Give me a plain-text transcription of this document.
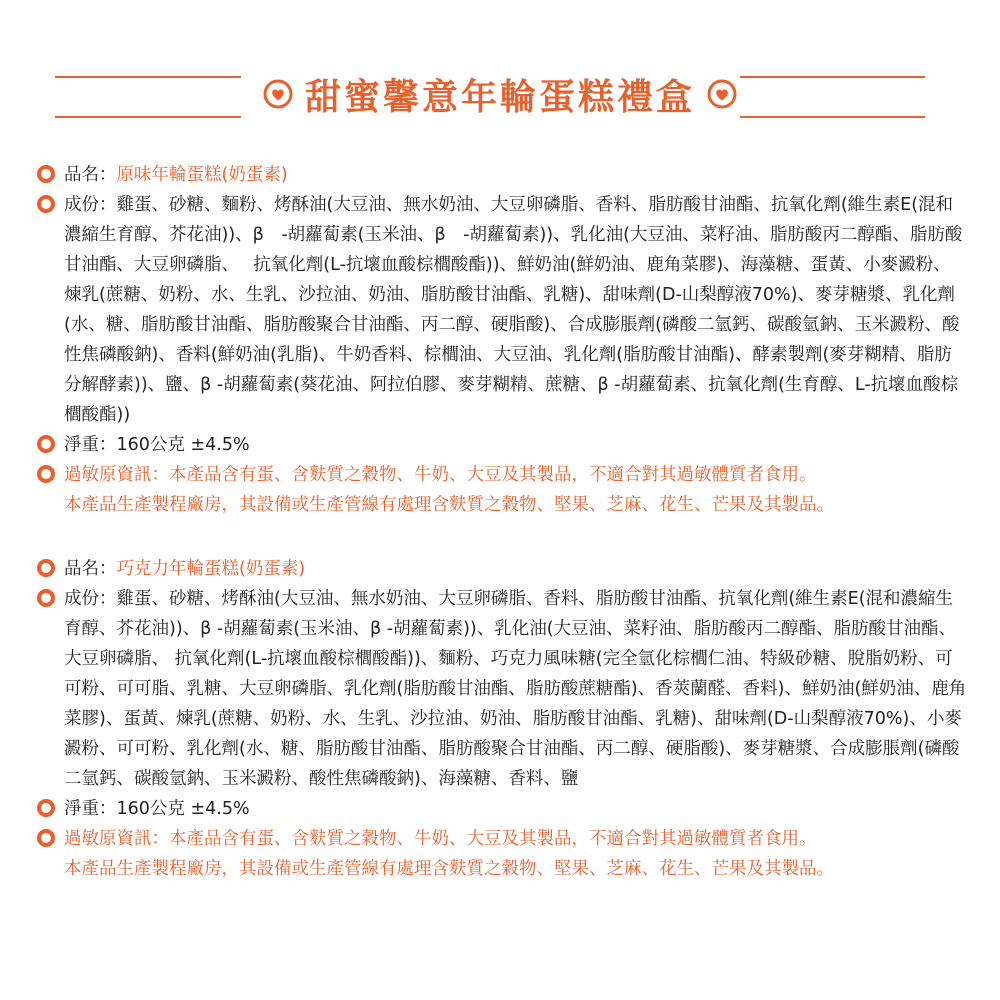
甜蜜馨意年輪蛋糕禮盒
品名：原味年輪蛋糕(奶蛋素)
成份：雞蛋、砂糖、麵粉、烤酥油(大豆油、無水奶油、大豆卵磷脂、香料、脂肪酸甘油酯、抗氧化劑(維生素E(混和濃縮生育醇、芥花油))、β　-胡蘿蔔素(玉米油、β　-胡蘿蔔素))、乳化油(大豆油、菜籽油、脂肪酸丙二醇酯、脂肪酸甘油酯、大豆卵磷脂、　 抗氧化劑(L-抗壞血酸棕櫚酸酯))、鮮奶油(鮮奶油、鹿角菜膠)、海藻糖、蛋黃、小麥澱粉、煉乳(蔗糖、奶粉、水、生乳、沙拉油、奶油、脂肪酸甘油酯、乳糖)、甜味劑(D-山梨醇液70%)、麥芽糖漿、乳化劑(水、糖、脂肪酸甘油酯、脂肪酸聚合甘油酯、丙二醇、硬脂酸)、合成膨脹劑(磷酸二氫鈣、碳酸氫鈉、玉米澱粉、酸性焦磷酸鈉)、香料(鮮奶油(乳脂)、牛奶香料、棕櫚油、大豆油、乳化劑(脂肪酸甘油酯)、酵素製劑(麥芽糊精、脂肪分解酵素))、鹽、β -胡蘿蔔素(葵花油、阿拉伯膠、麥芽糊精、蔗糖、β -胡蘿蔔素、抗氧化劑(生育醇、L-抗壞血酸棕櫚酸酯))
淨重：160公克 ±4.5%
過敏原資訊：本產品含有蛋、含麩質之穀物、牛奶、大豆及其製品，不適合對其過敏體質者食用。
本產品生產製程廠房，其設備或生產管線有處理含麩質之穀物、堅果、芝麻、花生、芒果及其製品。
品名：巧克力年輪蛋糕(奶蛋素)
成份：雞蛋、砂糖、烤酥油(大豆油、無水奶油、大豆卵磷脂、香料、脂肪酸甘油酯、抗氧化劑(維生素E(混和濃縮生育醇、芥花油))、β -胡蘿蔔素(玉米油、β -胡蘿蔔素))、乳化油(大豆油、菜籽油、脂肪酸丙二醇酯、脂肪酸甘油酯、大豆卵磷脂、 抗氧化劑(L-抗壞血酸棕櫚酸酯))、麵粉、巧克力風味糖(完全氫化棕櫚仁油、特級砂糖、脫脂奶粉、可可粉、可可脂、乳糖、大豆卵磷脂、乳化劑(脂肪酸甘油酯、脂肪酸蔗糖酯)、香莢蘭醛、香料)、鮮奶油(鮮奶油、鹿角菜膠)、蛋黃、煉乳(蔗糖、奶粉、水、生乳、沙拉油、奶油、脂肪酸甘油酯、乳糖)、甜味劑(D-山梨醇液70%)、小麥澱粉、可可粉、乳化劑(水、糖、脂肪酸甘油酯、脂肪酸聚合甘油酯、丙二醇、硬脂酸)、麥芽糖漿、合成膨脹劑(磷酸二氫鈣、碳酸氫鈉、玉米澱粉、酸性焦磷酸鈉)、海藻糖、香料、鹽
淨重：160公克 ±4.5%
過敏原資訊：本產品含有蛋、含麩質之穀物、牛奶、大豆及其製品，不適合對其過敏體質者食用。
本產品生產製程廠房，其設備或生產管線有處理含麩質之穀物、堅果、芝麻、花生、芒果及其製品。
